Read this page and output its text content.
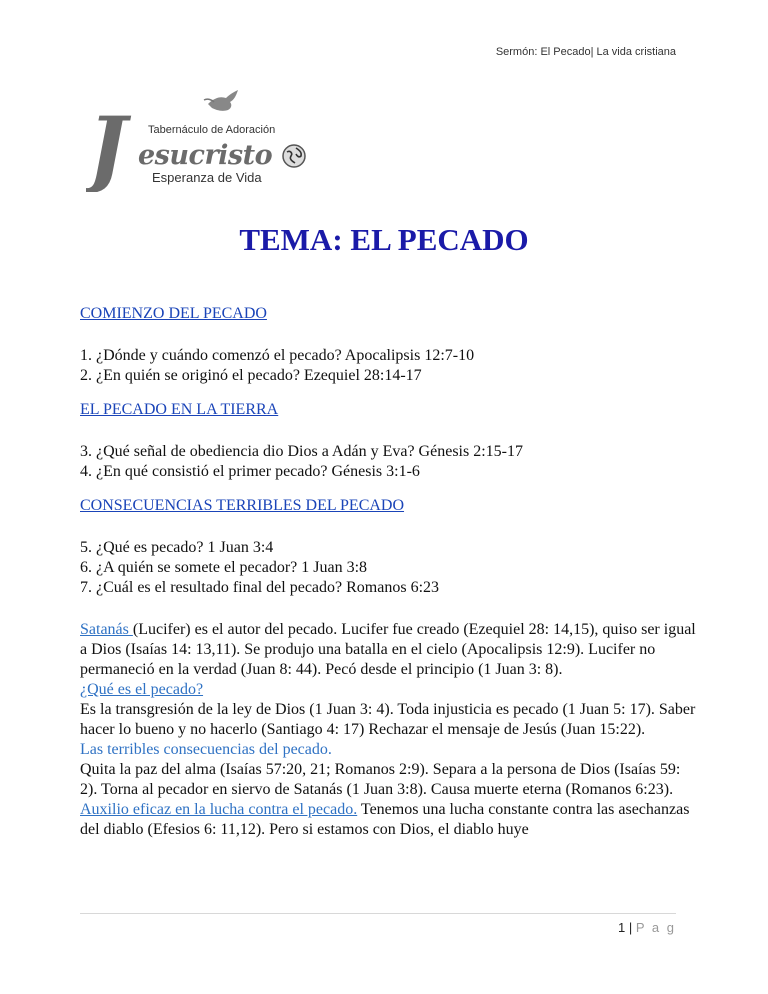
Sermón: El Pecado| La vida cristiana
J	Tabernáculo de Adoración
esucristo
Esperanza de Vida
TEMA: EL PECADO

COMIENZO DEL PECADO

1. ¿Dónde y cuándo comenzó el pecado? Apocalipsis 12:7-10
2. ¿En quién se originó el pecado? Ezequiel 28:14-17

EL PECADO EN LA TIERRA

3. ¿Qué señal de obediencia dio Dios a Adán y Eva? Génesis 2:15-17
4. ¿En qué consistió el primer pecado? Génesis 3:1-6

CONSECUENCIAS TERRIBLES DEL PECADO

5. ¿Qué es pecado? 1 Juan 3:4
6. ¿A quién se somete el pecador? 1 Juan 3:8
7. ¿Cuál es el resultado final del pecado? Romanos 6:23

Satanás (Lucifer) es el autor del pecado. Lucifer fue creado (Ezequiel 28: 14,15), quiso ser igual a Dios (Isaías 14: 13,11). Se produjo una batalla en el cielo (Apocalipsis 12:9). Lucifer no permaneció en la verdad (Juan 8: 44). Pecó desde el principio (1 Juan 3: 8).

¿Qué es el pecado?

Es la transgresión de la ley de Dios (1 Juan 3: 4). Toda injusticia es pecado (1 Juan 5: 17). Saber hacer lo bueno y no hacerlo (Santiago 4: 17) Rechazar el mensaje de Jesús (Juan 15:22).

Las terribles consecuencias del pecado.

Quita la paz del alma (Isaías 57:20, 21; Romanos 2:9). Separa a la persona de Dios (Isaías 59: 2). Torna al pecador en siervo de Satanás (1 Juan 3:8). Causa muerte eterna (Romanos 6:23).

Auxilio eficaz en la lucha contra el pecado. Tenemos una lucha constante contra las asechanzas del diablo (Efesios 6: 11,12). Pero si estamos con Dios, el diablo huye

1 | P a g
